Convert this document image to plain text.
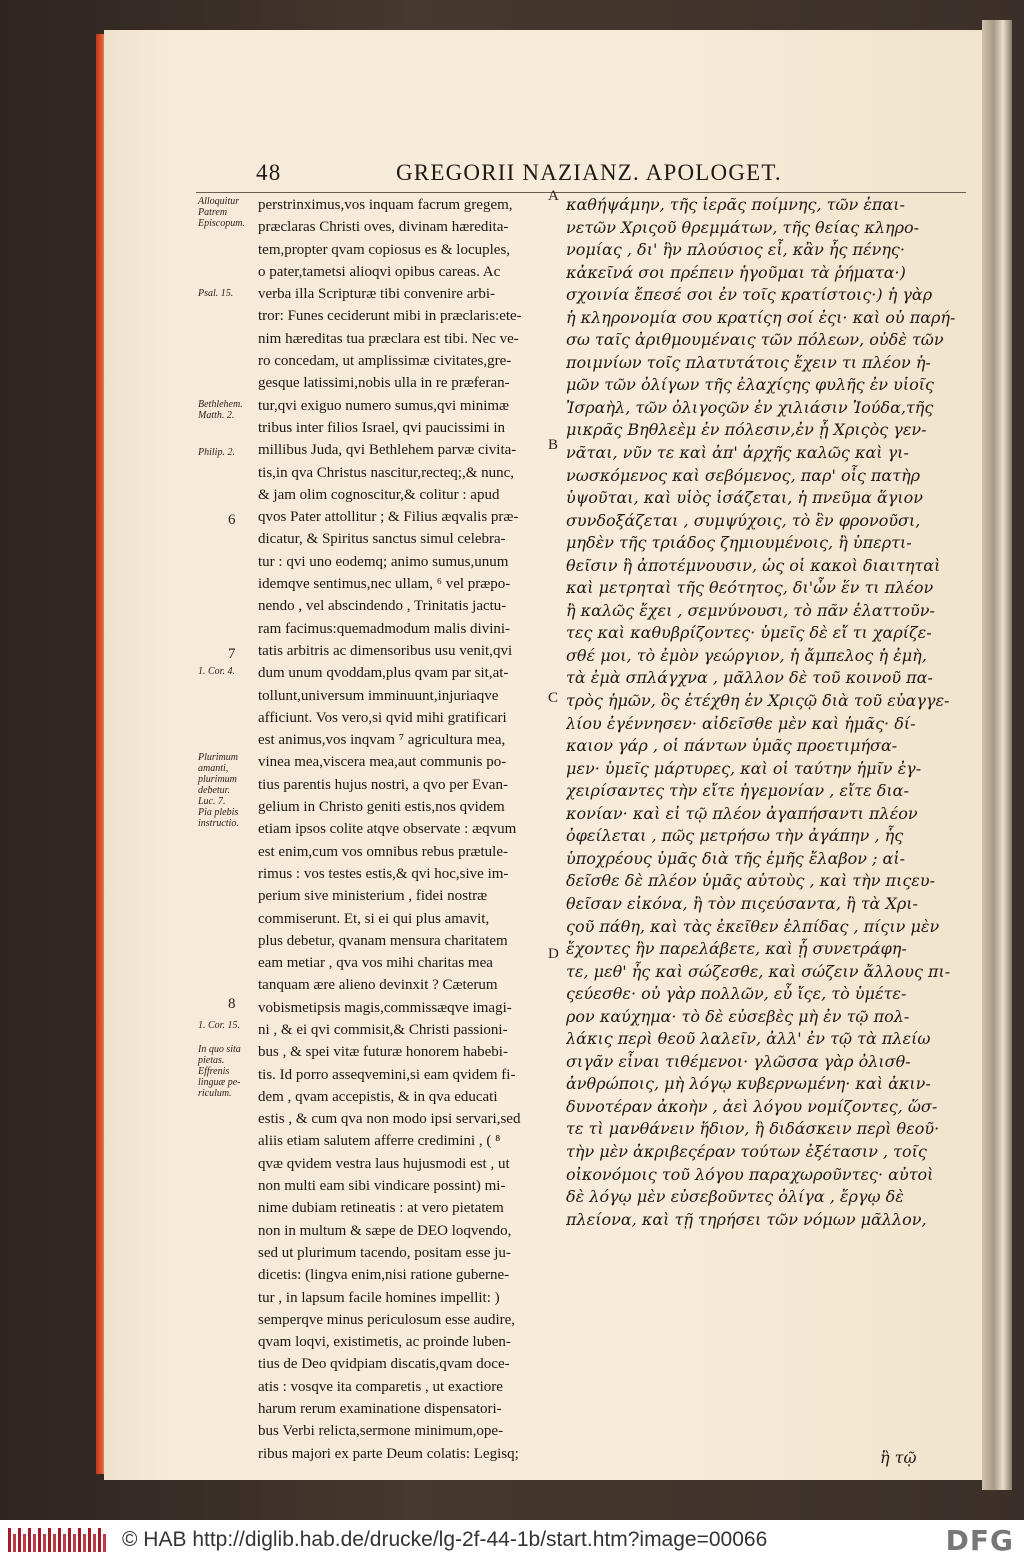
48	GREGORII NAZIANZ. APOLOGET.
Alloquitur
Patrem
Episcopum.
Psal. 15.
Bethlehem.
Matth. 2.
Philip. 2.
1. Cor. 4.
Plurimum
amanti,
plurimum
debetur.
Luc. 7.
Pia plebis
instructio.
1. Cor. 15.
In quo sita
pietas.
Effrenis
linguæ pe-
riculum.
6
7
8
perstrinximus,vos inquam facrum gregem,
præclaras Christi oves, divinam hæredita-
tem,propter qvam copiosus es & locuples,
o pater,tametsi alioqvi opibus careas. Ac
verba illa Scripturæ tibi convenire arbi-
tror: Funes ceciderunt mibi in præclaris:ete-
nim hæreditas tua præclara est tibi. Nec ve-
ro concedam, ut amplissimæ civitates,gre-
gesque latissimi,nobis ulla in re præferan-
tur,qvi exiguo numero sumus,qvi minimæ
tribus inter filios Israel, qvi paucissimi in
millibus Juda, qvi Bethlehem parvæ civita-
tis,in qva Christus nascitur,recteq;,& nunc,
& jam olim cognoscitur,& colitur : apud
qvos Pater attollitur ; & Filius æqvalis præ-
dicatur, & Spiritus sanctus simul celebra-
tur : qvi uno eodemq; animo sumus,unum
idemqve sentimus,nec ullam, ⁶ vel præpo-
nendo , vel abscindendo , Trinitatis jactu-
ram facimus:quemadmodum malis divini-
tatis arbitris ac dimensoribus usu venit,qvi
dum unum qvoddam,plus qvam par sit,at-
tollunt,universum imminuunt,injuriaqve
afficiunt. Vos vero,si qvid mihi gratificari
est animus,vos inqvam ⁷ agricultura mea,
vinea mea,viscera mea,aut communis po-
tius parentis hujus nostri, a qvo per Evan-
gelium in Christo geniti estis,nos qvidem
etiam ipsos colite atqve observate : æqvum
est enim,cum vos omnibus rebus prætule-
rimus : vos testes estis,& qvi hoc,sive im-
perium sive ministerium , fidei nostræ
commiserunt. Et, si ei qui plus amavit,
plus debetur, qvanam mensura charitatem
eam metiar , qva vos mihi charitas mea
tanquam ære alieno devinxit ? Cæterum
vobismetipsis magis,commissæqve imagi-
ni , & ei qvi commisit,& Christi passioni-
bus , & spei vitæ futuræ honorem habebi-
tis. Id porro asseqvemini,si eam qvidem fi-
dem , qvam accepistis, & in qva educati
estis , & cum qva non modo ipsi servari,sed
aliis etiam salutem afferre credimini , ( ⁸
qvæ qvidem vestra laus hujusmodi est , ut
non multi eam sibi vindicare possint) mi-
nime dubiam retineatis : at vero pietatem
non in multum & sæpe de DEO loqvendo,
sed ut plurimum tacendo, positam esse ju-
dicetis: (lingva enim,nisi ratione guberne-
tur , in lapsum facile homines impellit: )
semperqve minus periculosum esse audire,
qvam loqvi, existimetis, ac proinde luben-
tius de Deo qvidpiam discatis,qvam doce-
atis : vosqve ita comparetis , ut exactiore
harum rerum examinatione dispensatori-
bus Verbi relicta,sermone minimum,ope-
ribus majori ex parte Deum colatis: Legisq;
A
B
C
D
καθήψάμην, τῆς ἱερᾶς ποίμνης, τῶν ἐπαι-
νετῶν Χριςοῦ θρεμμάτων, τῆς θείας κληρο-
νομίας , δι' ἣν πλούσιος εἶ, κἂν ἧς πένης·
κἀκεῖνά σοι πρέπειν ἡγοῦμαι τὰ ῥήματα·)
σχοινία ἔπεσέ σοι ἐν τοῖς κρατίστοις·) ἡ γὰρ
ἡ κληρονομία σου κρατίςη σοί ἐςι· καὶ οὐ παρή-
σω ταῖς ἀριθμουμέναις τῶν πόλεων, οὐδὲ τῶν
ποιμνίων τοῖς πλατυτάτοις ἔχειν τι πλέον ἡ-
μῶν τῶν ὀλίγων τῆς ἐλαχίςης φυλῆς ἐν υἱοῖς
Ἰσραὴλ, τῶν ὀλιγοςῶν ἐν χιλιάσιν Ἰούδα,τῆς
μικρᾶς Βηθλεὲμ ἐν πόλεσιν,ἐν ᾗ Χριςὸς γεν-
νᾶται, νῦν τε καὶ ἀπ' ἀρχῆς καλῶς καὶ γι-
νωσκόμενος καὶ σεβόμενος, παρ' οἷς πατὴρ
ὑψοῦται, καὶ υἱὸς ἰσάζεται, ἡ πνεῦμα ἅγιον
συνδοξάζεται , συμψύχοις, τὸ ἓν φρονοῦσι,
μηδὲν τῆς τριάδος ζημιουμένοις, ἢ ὑπερτι-
θεῖσιν ἢ ἀποτέμνουσιν, ὡς οἱ κακοὶ διαιτηταὶ
καὶ μετρηταὶ τῆς θεότητος, δι'ὧν ἕν τι πλέον
ἢ καλῶς ἔχει , σεμνύνουσι, τὸ πᾶν ἐλαττοῦν-
τες καὶ καθυβρίζοντες· ὑμεῖς δὲ εἴ τι χαρίζε-
σθέ μοι, τὸ ἐμὸν γεώργιον, ἡ ἄμπελος ἡ ἐμὴ,
τὰ ἐμὰ σπλάγχνα , μᾶλλον δὲ τοῦ κοινοῦ πα-
τρὸς ἡμῶν, ὃς ἐτέχθη ἐν Χριςῷ διὰ τοῦ εὐαγγε-
λίου ἐγέννησεν· αἰδεῖσθε μὲν καὶ ἡμᾶς· δί-
καιον γάρ , οἱ πάντων ὑμᾶς προετιμήσα-
μεν· ὑμεῖς μάρτυρες, καὶ οἱ ταύτην ἡμῖν ἐγ-
χειρίσαντες τὴν εἴτε ἡγεμονίαν , εἴτε δια-
κονίαν· καὶ εἰ τῷ πλέον ἀγαπήσαντι πλέον
ὀφείλεται , πῶς μετρήσω τὴν ἀγάπην , ἧς
ὑποχρέους ὑμᾶς διὰ τῆς ἐμῆς ἔλαβον ; αἰ-
δεῖσθε δὲ πλέον ὑμᾶς αὐτοὺς , καὶ τὴν πιςευ-
θεῖσαν εἰκόνα, ἢ τὸν πιςεύσαντα, ἢ τὰ Χρι-
ςοῦ πάθη, καὶ τὰς ἐκεῖθεν ἐλπίδας , πίςιν μὲν
ἔχοντες ἣν παρελάβετε, καὶ ᾗ συνετράφη-
τε, μεθ' ἧς καὶ σώζεσθε, καὶ σώζειν ἄλλους πι-
ςεύεσθε· οὐ γὰρ πολλῶν, εὖ ἴςε, τὸ ὑμέτε-
ρον καύχημα· τὸ δὲ εὐσεβὲς μὴ ἐν τῷ πολ-
λάκις περὶ θεοῦ λαλεῖν, ἀλλ' ἐν τῷ τὰ πλείω
σιγᾶν εἶναι τιθέμενοι· γλῶσσα γὰρ ὀλισθ-
ἀνθρώποις, μὴ λόγῳ κυβερνωμένη· καὶ ἀκιν-
δυνοτέραν ἀκοὴν , ἀεὶ λόγου νομίζοντες, ὥσ-
τε τὶ μανθάνειν ἥδιον, ἢ διδάσκειν περὶ θεοῦ·
τὴν μὲν ἀκριβεςέραν τούτων ἐξέτασιν , τοῖς
οἰκονόμοις τοῦ λόγου παραχωροῦντες· αὐτοὶ
δὲ λόγῳ μὲν εὐσεβοῦντες ὀλίγα , ἔργῳ δὲ
πλείονα, καὶ τῇ τηρήσει τῶν νόμων μᾶλλον,
ἢ τῷ
© HAB http://diglib.hab.de/drucke/lg-2f-44-1b/start.htm?image=00066	DFG
